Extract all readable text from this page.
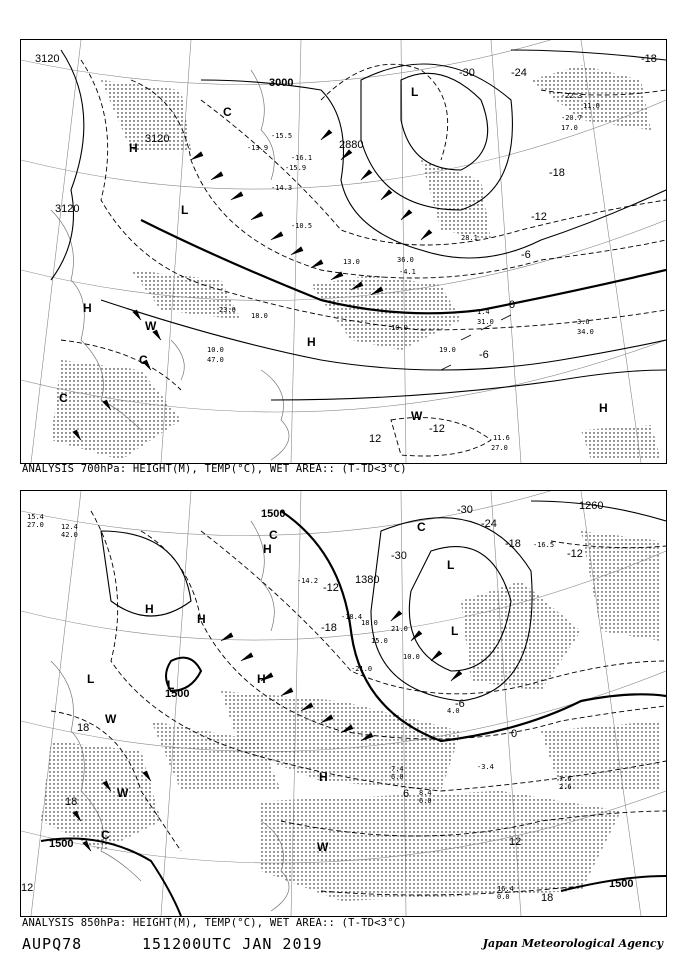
3120
3120
3120
3000
2880
-30	-24
-18
-18
-12
-6
0
-6
12
-12
H
H
L
L
H
H
W
W
C
C
C
-15.5
-13.9
-16.1
-14.3
-15.9
-10.5
13.0
-4.1
28.1
31.0
34.0
36.0
10.0
19.0
27.0
11.6
23.0
18.0
47.0
10.0
1.4
3.6
-22.3
-20.7
17.0
11.0
ANALYSIS 700hPa: HEIGHT(M), TEMP(°C), WET AREA:: (T-TD<3°C)
1500
1500
1380
1260
1500
1500
-30
-30
-24
-18
-12
-12
-18
-6
0
6
12
12
18
18
18
H
H
H
L
L	L	H
H
L
W
W
W
C
C
C
15.4
27.0 12.4
42.0
-18.4
-21.0
10.0
4.0
6.0
7.4
6.0
8.4
7.6
2.6
-3.4
16.4
0.0
-16.5
18.0
21.0
15.0
-14.2
ANALYSIS 850hPa: HEIGHT(M), TEMP(°C), WET AREA:: (T-TD<3°C)
AUPQ78	151200UTC JAN 2019	Japan Meteorological Agency
